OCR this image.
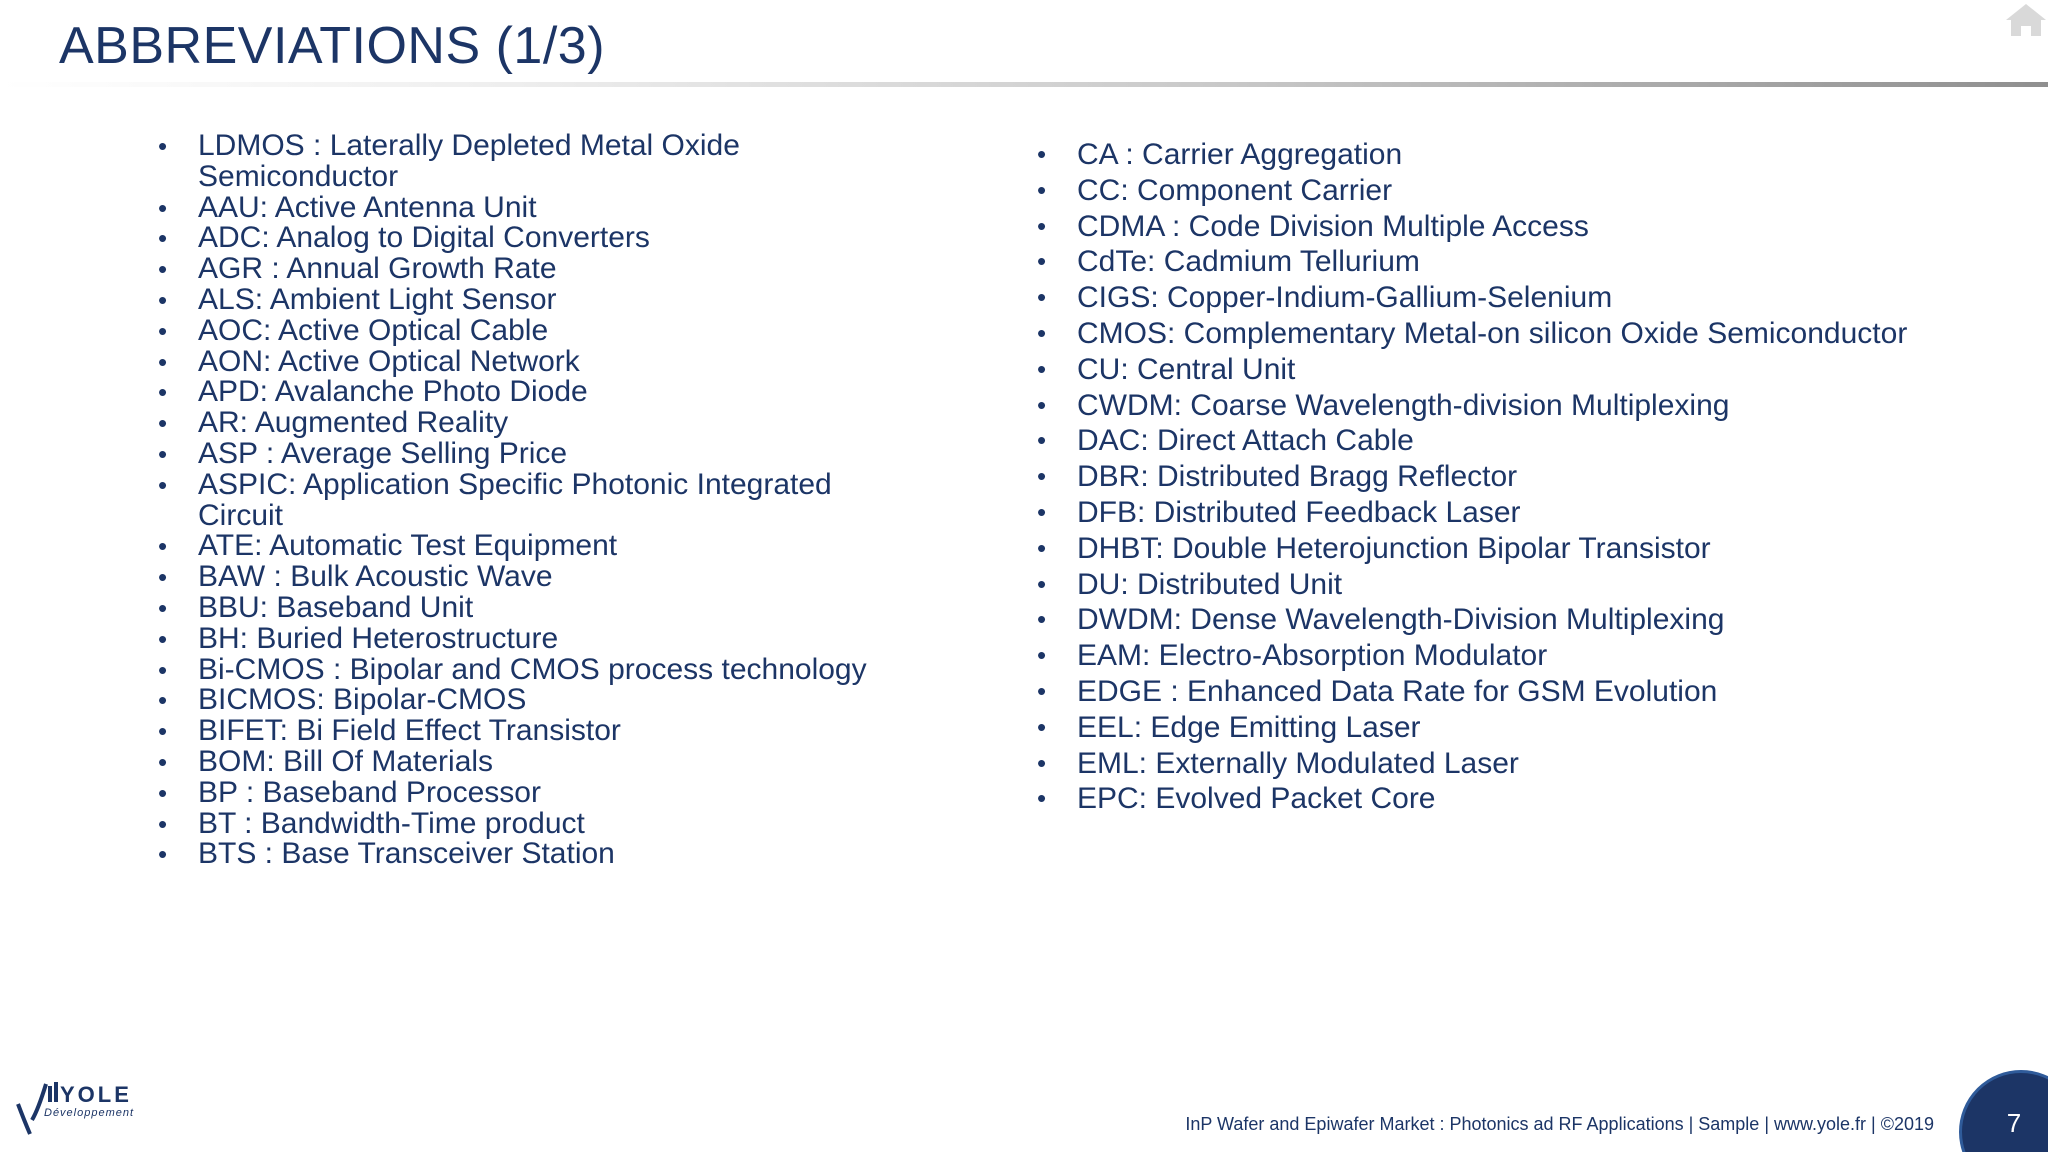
ABBREVIATIONS (1/3)
• LDMOS : Laterally Depleted Metal Oxide Semiconductor
• AAU: Active Antenna Unit
• ADC: Analog to Digital Converters
• AGR : Annual Growth Rate
• ALS: Ambient Light Sensor
• AOC: Active Optical Cable
• AON: Active Optical Network
• APD: Avalanche Photo Diode
• AR: Augmented Reality
• ASP : Average Selling Price
• ASPIC: Application Specific Photonic Integrated Circuit
• ATE: Automatic Test Equipment
• BAW : Bulk Acoustic Wave
• BBU: Baseband Unit
• BH: Buried Heterostructure
• Bi-CMOS : Bipolar and CMOS process technology
• BICMOS: Bipolar-CMOS
• BIFET: Bi Field Effect Transistor
• BOM: Bill Of Materials
• BP : Baseband Processor
• BT : Bandwidth-Time product
• BTS : Base Transceiver Station
• CA : Carrier Aggregation
• CC: Component Carrier
• CDMA : Code Division Multiple Access
• CdTe: Cadmium Tellurium
• CIGS: Copper-Indium-Gallium-Selenium
• CMOS: Complementary Metal-on silicon Oxide Semiconductor
• CU: Central Unit
• CWDM: Coarse Wavelength-division Multiplexing
• DAC: Direct Attach Cable
• DBR: Distributed Bragg Reflector
• DFB: Distributed Feedback Laser
• DHBT: Double Heterojunction Bipolar Transistor
• DU: Distributed Unit
• DWDM: Dense Wavelength-Division Multiplexing
• EAM: Electro-Absorption Modulator
• EDGE : Enhanced Data Rate for GSM Evolution
• EEL: Edge Emitting Laser
• EML: Externally Modulated Laser
• EPC: Evolved Packet Core
YOLE
Développement
InP Wafer and Epiwafer Market : Photonics ad RF Applications | Sample | www.yole.fr | ©2019	7
